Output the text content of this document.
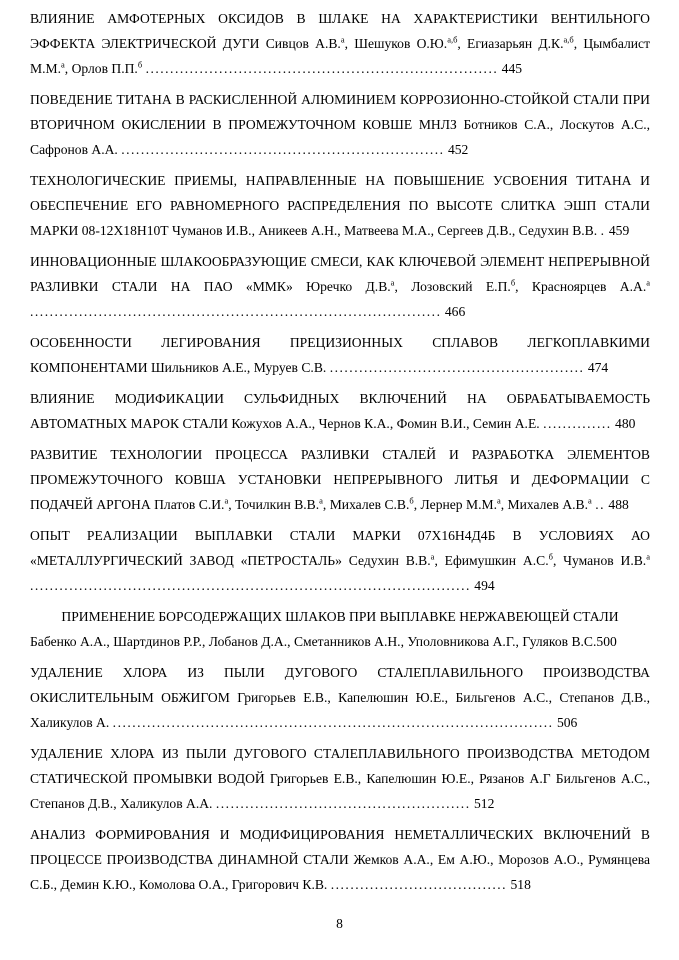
ВЛИЯНИЕ АМФОТЕРНЫХ ОКСИДОВ В ШЛАКЕ НА ХАРАКТЕРИСТИКИ ВЕНТИЛЬНОГО ЭФФЕКТА ЭЛЕКТРИЧЕСКОЙ ДУГИ Сивцов А.В.$^а$, Шешуков О.Ю.$^{а,б}$, Егиазарьян Д.К.$^{а,б}$, Цымбалист М.М.$^а$, Орлов П.П.$^б$ ........................................................................ 445

ПОВЕДЕНИЕ ТИТАНА В РАСКИСЛЕННОЙ АЛЮМИНИЕМ КОРРОЗИОННО-СТОЙКОЙ СТАЛИ ПРИ ВТОРИЧНОМ ОКИСЛЕНИИ В ПРОМЕЖУТОЧНОМ КОВШЕ МНЛЗ Ботников С.А., Лоскутов А.С., Сафронов А.А. .................................................................. 452

ТЕХНОЛОГИЧЕСКИЕ ПРИЕМЫ, НАПРАВЛЕННЫЕ НА ПОВЫШЕНИЕ УСВОЕНИЯ ТИТАНА И ОБЕСПЕЧЕНИЕ ЕГО РАВНОМЕРНОГО РАСПРЕДЕЛЕНИЯ ПО ВЫСОТЕ СЛИТКА ЭШП СТАЛИ МАРКИ 08-12Х18Н10Т Чуманов И.В., Аникеев А.Н., Матвеева М.А., Сергеев Д.В., Седухин В.В. . 459

ИННОВАЦИОННЫЕ ШЛАКООБРАЗУЮЩИЕ СМЕСИ, КАК КЛЮЧЕВОЙ ЭЛЕМЕНТ НЕПРЕРЫВНОЙ РАЗЛИВКИ СТАЛИ НА ПАО «ММК» Юречко Д.В.$^а$, Лозовский Е.П.$^б$, Красноярцев А.А.$^а$ .................................................................................... 466

ОСОБЕННОСТИ ЛЕГИРОВАНИЯ ПРЕЦИЗИОННЫХ СПЛАВОВ ЛЕГКОПЛАВКИМИ КОМПОНЕНТАМИ Шильников А.Е., Муруев С.В. .................................................... 474

ВЛИЯНИЕ МОДИФИКАЦИИ СУЛЬФИДНЫХ ВКЛЮЧЕНИЙ НА ОБРАБАТЫВАЕМОСТЬ АВТОМАТНЫХ МАРОК СТАЛИ Кожухов А.А., Чернов К.А., Фомин В.И., Семин А.Е. .............. 480

РАЗВИТИЕ ТЕХНОЛОГИИ ПРОЦЕССА РАЗЛИВКИ СТАЛЕЙ И РАЗРАБОТКА ЭЛЕМЕНТОВ ПРОМЕЖУТОЧНОГО КОВША УСТАНОВКИ НЕПРЕРЫВНОГО ЛИТЬЯ И ДЕФОРМАЦИИ С ПОДАЧЕЙ АРГОНА Платов С.И.$^а$, Точилкин В.В.$^а$, Михалев С.В.$^б$, Лернер М.М.$^а$, Михалев А.В.$^а$ .. 488

ОПЫТ РЕАЛИЗАЦИИ ВЫПЛАВКИ СТАЛИ МАРКИ 07Х16Н4Д4Б В УСЛОВИЯХ АО «МЕТАЛЛУРГИЧЕСКИЙ ЗАВОД «ПЕТРОСТАЛЬ» Седухин В.В.$^а$, Ефимушкин А.С.$^б$, Чуманов И.В.$^а$ .......................................................................................... 494

ПРИМЕНЕНИЕ БОРСОДЕРЖАЩИХ ШЛАКОВ ПРИ ВЫПЛАВКЕ НЕРЖАВЕЮЩЕЙ СТАЛИ
Бабенко А.А., Шартдинов Р.Р., Лобанов Д.А., Сметанников А.Н., Уполовникова А.Г., Гуляков В.С.500

УДАЛЕНИЕ ХЛОРА ИЗ ПЫЛИ ДУГОВОГО СТАЛЕПЛАВИЛЬНОГО ПРОИЗВОДСТВА ОКИСЛИТЕЛЬНЫМ ОБЖИГОМ Григорьев Е.В., Капелюшин Ю.Е., Бильгенов А.С., Степанов Д.В., Халикулов А. .......................................................................................... 506

УДАЛЕНИЕ ХЛОРА ИЗ ПЫЛИ ДУГОВОГО СТАЛЕПЛАВИЛЬНОГО ПРОИЗВОДСТВА МЕТОДОМ СТАТИЧЕСКОЙ ПРОМЫВКИ ВОДОЙ Григорьев Е.В., Капелюшин Ю.Е., Рязанов А.Г Бильгенов А.С., Степанов Д.В., Халикулов А.А. .................................................... 512

АНАЛИЗ ФОРМИРОВАНИЯ И МОДИФИЦИРОВАНИЯ НЕМЕТАЛЛИЧЕСКИХ ВКЛЮЧЕНИЙ В ПРОЦЕССЕ ПРОИЗВОДСТВА ДИНАМНОЙ СТАЛИ Жемков А.А., Ем А.Ю., Морозов А.О., Румянцева С.Б., Демин К.Ю., Комолова О.А., Григорович К.В. .................................... 518

8
